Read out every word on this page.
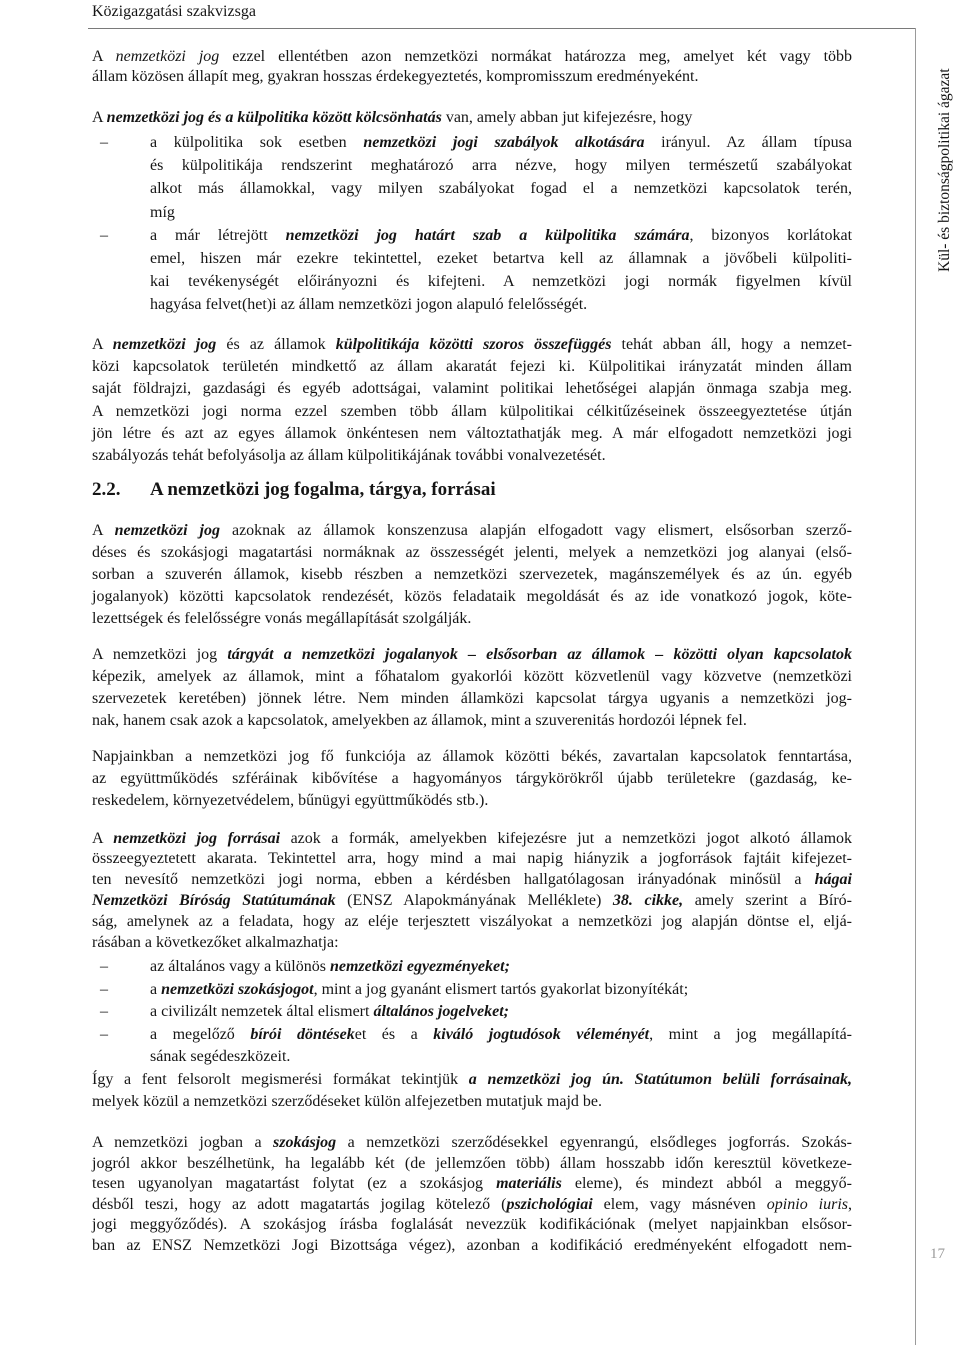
Közigazgatási szakvizsga
Kül- és biztonságpolitikai ágazat
A nemzetközi jog ezzel ellentétben azon nemzetközi normákat határozza meg, amelyet két vagy több
állam közösen állapít meg, gyakran hosszas érdekegyeztetés, kompromisszum eredményeként.
A nemzetközi jog és a külpolitika között kölcsönhatás van, amely abban jut kifejezésre, hogy
–	a külpolitika sok esetben nemzetközi jogi szabályok alkotására irányul. Az állam típusa
és külpolitikája rendszerint meghatározó arra nézve, hogy milyen természetű szabályokat
alkot más államokkal, vagy milyen szabályokat fogad el a nemzetközi kapcsolatok terén,
míg
–	a már létrejött nemzetközi jog határt szab a külpolitika számára, bizonyos korlátokat
emel, hiszen már ezekre tekintettel, ezeket betartva kell az államnak a jövőbeli külpoliti-
kai tevékenységét előirányozni és kifejteni. A nemzetközi jogi normák figyelmen kívül
hagyása felvet(het)i az állam nemzetközi jogon alapuló felelősségét.
A nemzetközi jog és az államok külpolitikája közötti szoros összefüggés tehát abban áll, hogy a nemzet-
közi kapcsolatok területén mindkettő az állam akaratát fejezi ki. Külpolitikai irányzatát minden állam
saját földrajzi, gazdasági és egyéb adottságai, valamint politikai lehetőségei alapján önmaga szabja meg.
A nemzetközi jogi norma ezzel szemben több állam külpolitikai célkitűzéseinek összeegyeztetése útján
jön létre és azt az egyes államok önkéntesen nem változtathatják meg. A már elfogadott nemzetközi jogi
szabályozás tehát befolyásolja az állam külpolitikájának további vonalvezetését.
2.2. A nemzetközi jog fogalma, tárgya, forrásai
A nemzetközi jog azoknak az államok konszenzusa alapján elfogadott vagy elismert, elsősorban szerző-
déses és szokásjogi magatartási normáknak az összességét jelenti, melyek a nemzetközi jog alanyai (első-
sorban a szuverén államok, kisebb részben a nemzetközi szervezetek, magánszemélyek és az ún. egyéb
jogalanyok) közötti kapcsolatok rendezését, közös feladataik megoldását és az ide vonatkozó jogok, köte-
lezettségek és felelősségre vonás megállapítását szolgálják.
A nemzetközi jog tárgyát a nemzetközi jogalanyok – elsősorban az államok – közötti olyan kapcsolatok
képezik, amelyek az államok, mint a főhatalom gyakorlói között közvetlenül vagy közvetve (nemzetközi
szervezetek keretében) jönnek létre. Nem minden államközi kapcsolat tárgya ugyanis a nemzetközi jog-
nak, hanem csak azok a kapcsolatok, amelyekben az államok, mint a szuverenitás hordozói lépnek fel.
Napjainkban a nemzetközi jog fő funkciója az államok közötti békés, zavartalan kapcsolatok fenntartása,
az együttműködés szféráinak kibővítése a hagyományos tárgykörökről újabb területekre (gazdaság, ke-
reskedelem, környezetvédelem, bűnügyi együttműködés stb.).
A nemzetközi jog forrásai azok a formák, amelyekben kifejezésre jut a nemzetközi jogot alkotó államok
összeegyeztetett akarata. Tekintettel arra, hogy mind a mai napig hiányzik a jogforrások fajtáit kifejezet-
ten nevesítő nemzetközi jogi norma, ebben a kérdésben hallgatólagosan irányadónak minősül a hágai
Nemzetközi Bíróság Statútumának (ENSZ Alapokmányának Melléklete) 38. cikke, amely szerint a Bíró-
ság, amelynek az a feladata, hogy az eléje terjesztett viszályokat a nemzetközi jog alapján döntse el, eljá-
rásában a következőket alkalmazhatja:
–	az általános vagy a különös nemzetközi egyezményeket;
–	a nemzetközi szokásjogot, mint a jog gyanánt elismert tartós gyakorlat bizonyítékát;
–	a civilizált nemzetek által elismert általános jogelveket;
–	a megelőző bírói döntéseket és a kiváló jogtudósok véleményét, mint a jog megállapítá-
sának segédeszközeit.
Így a fent felsorolt megismerési formákat tekintjük a nemzetközi jog ún. Statútumon belüli forrásainak,
melyek közül a nemzetközi szerződéseket külön alfejezetben mutatjuk majd be.
A nemzetközi jogban a szokásjog a nemzetközi szerződésekkel egyenrangú, elsődleges jogforrás. Szokás-
jogról akkor beszélhetünk, ha legalább két (de jellemzően több) állam hosszabb időn keresztül következe-
tesen ugyanolyan magatartást folytat (ez a szokásjog materiális eleme), és mindezt abból a meggyő-
désből teszi, hogy az adott magatartás jogilag kötelező (pszichológiai elem, vagy másnéven opinio iuris,
jogi meggyőződés). A szokásjog írásba foglalását nevezzük kodifikációnak (melyet napjainkban elsősor-
ban az ENSZ Nemzetközi Jogi Bizottsága végez), azonban a kodifikáció eredményeként elfogadott nem-
17
